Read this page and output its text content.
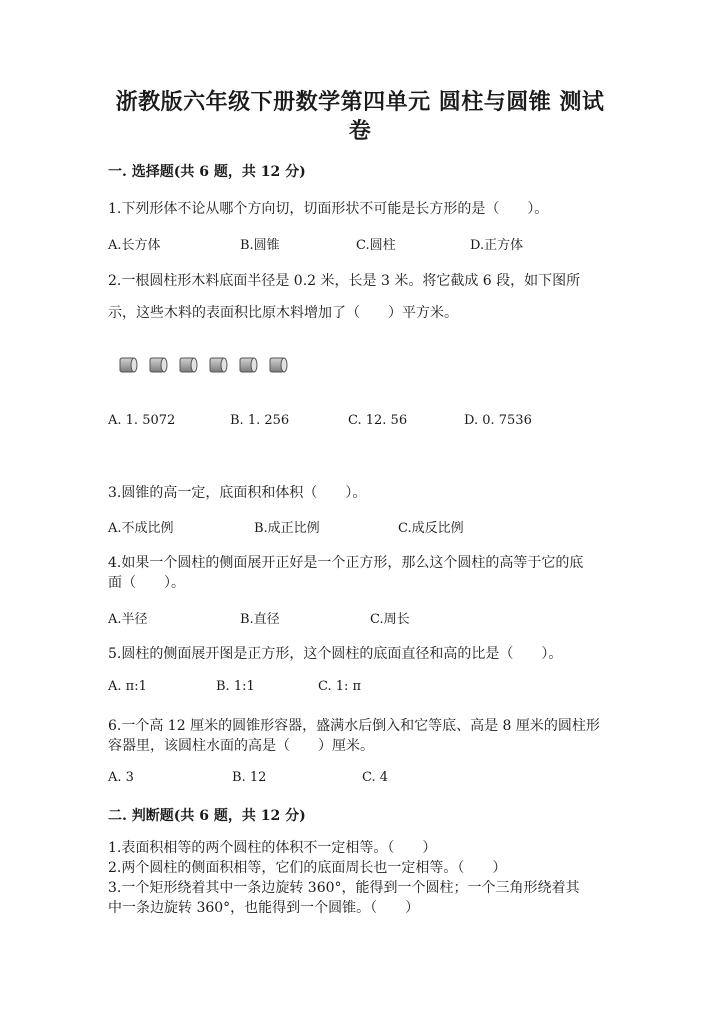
浙教版六年级下册数学第四单元 圆柱与圆锥 测试
卷
一. 选择题(共 6 题，共 12 分)
1.下列形体不论从哪个方向切，切面形状不可能是长方形的是（　　）。
A.长方体	B.圆锥	C.圆柱	D.正方体
2.一根圆柱形木料底面半径是 0.2 米，长是 3 米。将它截成 6 段，如下图所
示，这些木料的表面积比原木料增加了（　　）平方米。
A. 1. 5072	B. 1. 256	C. 12. 56	D. 0. 7536
3.圆锥的高一定，底面积和体积（　　）。
A.不成比例	B.成正比例	C.成反比例
4.如果一个圆柱的侧面展开正好是一个正方形，那么这个圆柱的高等于它的底
面（　　）。
A.半径	B.直径	C.周长
5.圆柱的侧面展开图是正方形，这个圆柱的底面直径和高的比是（　　）。
A. π:1	B. 1:1	C. 1: π
6.一个高 12 厘米的圆锥形容器，盛满水后倒入和它等底、高是 8 厘米的圆柱形
容器里，该圆柱水面的高是（　　）厘米。
A. 3	B. 12	C. 4
二. 判断题(共 6 题，共 12 分)
1.表面积相等的两个圆柱的体积不一定相等。（　　）
2.两个圆柱的侧面积相等，它们的底面周长也一定相等。（　　）
3.一个矩形绕着其中一条边旋转 360°，能得到一个圆柱；一个三角形绕着其
中一条边旋转 360°，也能得到一个圆锥。（　　）
